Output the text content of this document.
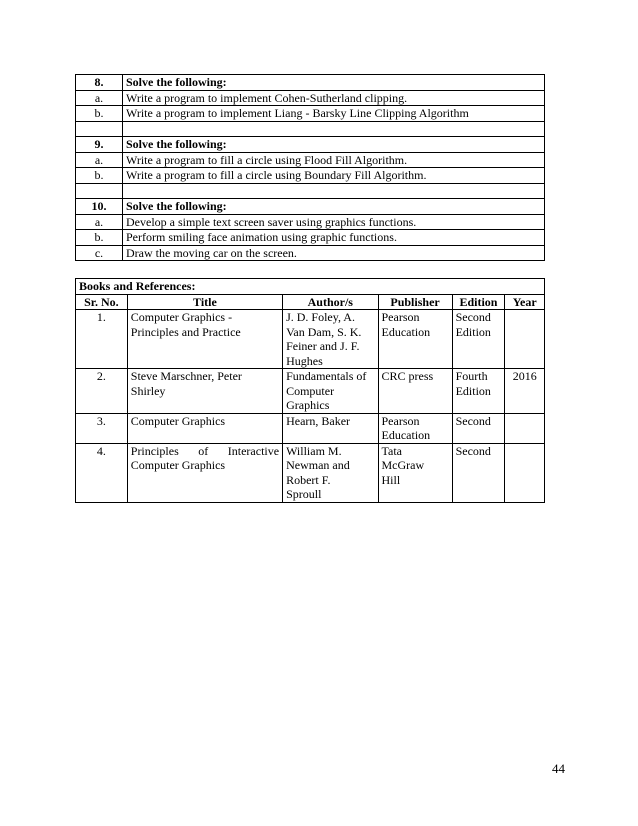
8.	Solve the following:
a.	Write a program to implement Cohen-Sutherland clipping.
b.	Write a program to implement Liang - Barsky Line Clipping Algorithm

9.	Solve the following:
a.	Write a program to fill a circle using Flood Fill Algorithm.
b.	Write a program to fill a circle using Boundary Fill Algorithm.

10.	Solve the following:
a.	Develop a simple text screen saver using graphics functions.
b.	Perform smiling face animation using graphic functions.
c.	Draw the moving car on the screen.
Books and References:					
Sr. No.	Title	Author/s	Publisher	Edition	Year
1.	Computer Graphics -
Principles and Practice	J. D. Foley, A.
Van Dam, S. K.
Feiner and J. F.
Hughes	Pearson
Education	Second
Edition	

2.	Steve Marschner, Peter
Shirley	Fundamentals of
Computer
Graphics	CRC press	Fourth
Edition	2016
3.	Computer Graphics	Hearn, Baker	Pearson
Education	Second	

4.	Principles of Interactive
Computer Graphics	William M.
Newman and
Robert F.
Sproull	Tata
McGraw
Hill	Second	

44
